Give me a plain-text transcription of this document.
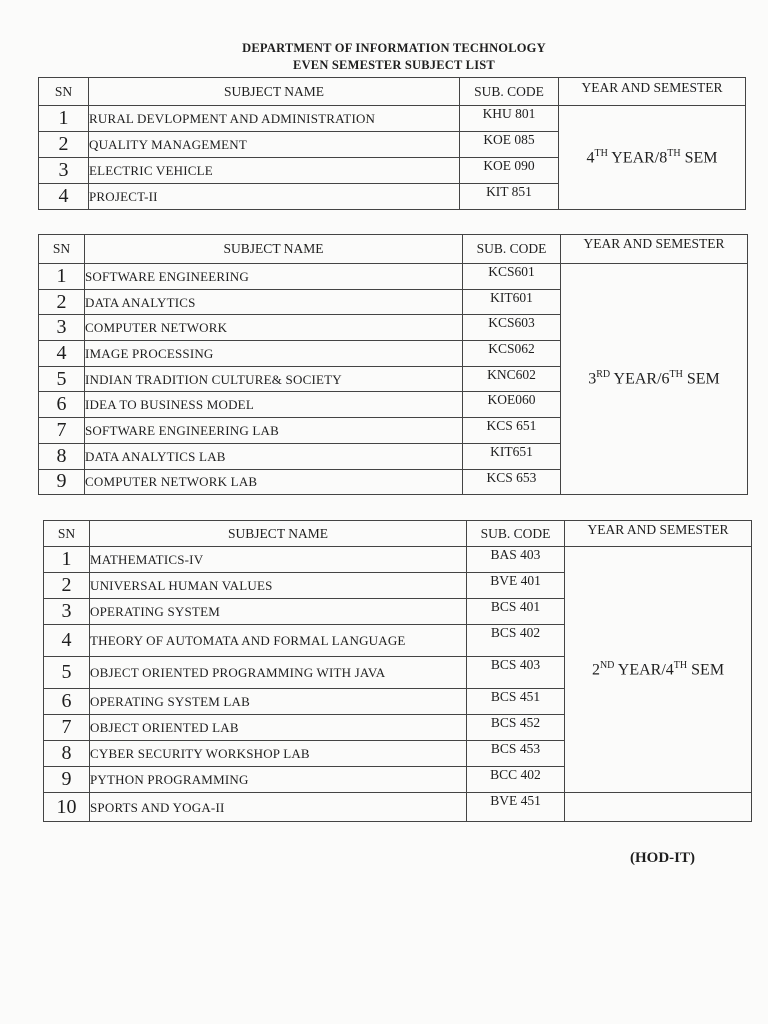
DEPARTMENT OF INFORMATION TECHNOLOGY
EVEN SEMESTER SUBJECT LIST
SN	SUBJECT NAME	SUB. CODE	YEAR AND SEMESTER
1	RURAL DEVLOPMENT AND ADMINISTRATION	KHU 801	4TH YEAR/8TH SEM
2	QUALITY MANAGEMENT	KOE 085	
3	ELECTRIC VEHICLE	KOE 090	
4	PROJECT-II	KIT 851	
SN	SUBJECT NAME	SUB. CODE	YEAR AND SEMESTER
1	SOFTWARE ENGINEERING	KCS601	3RD YEAR/6TH SEM
2	DATA ANALYTICS	KIT601	
3	COMPUTER NETWORK	KCS603	
4	IMAGE PROCESSING	KCS062	
5	INDIAN TRADITION CULTURE& SOCIETY	KNC602	
6	IDEA TO BUSINESS MODEL	KOE060	
7	SOFTWARE ENGINEERING LAB	KCS 651	
8	DATA ANALYTICS LAB	KIT651	
9	COMPUTER NETWORK LAB	KCS 653	
SN	SUBJECT NAME	SUB. CODE	YEAR AND SEMESTER
1	MATHEMATICS-IV	BAS 403	2ND YEAR/4TH SEM
2	UNIVERSAL HUMAN VALUES	BVE 401	
3	OPERATING SYSTEM	BCS 401	
4	THEORY OF AUTOMATA AND FORMAL LANGUAGE	BCS 402	
5	OBJECT ORIENTED PROGRAMMING WITH JAVA	BCS 403	
6	OPERATING SYSTEM LAB	BCS 451	
7	OBJECT ORIENTED LAB	BCS 452	
8	CYBER SECURITY WORKSHOP LAB	BCS 453	
9	PYTHON PROGRAMMING	BCC 402	
10	SPORTS AND YOGA-II	BVE 451	
(HOD-IT)
